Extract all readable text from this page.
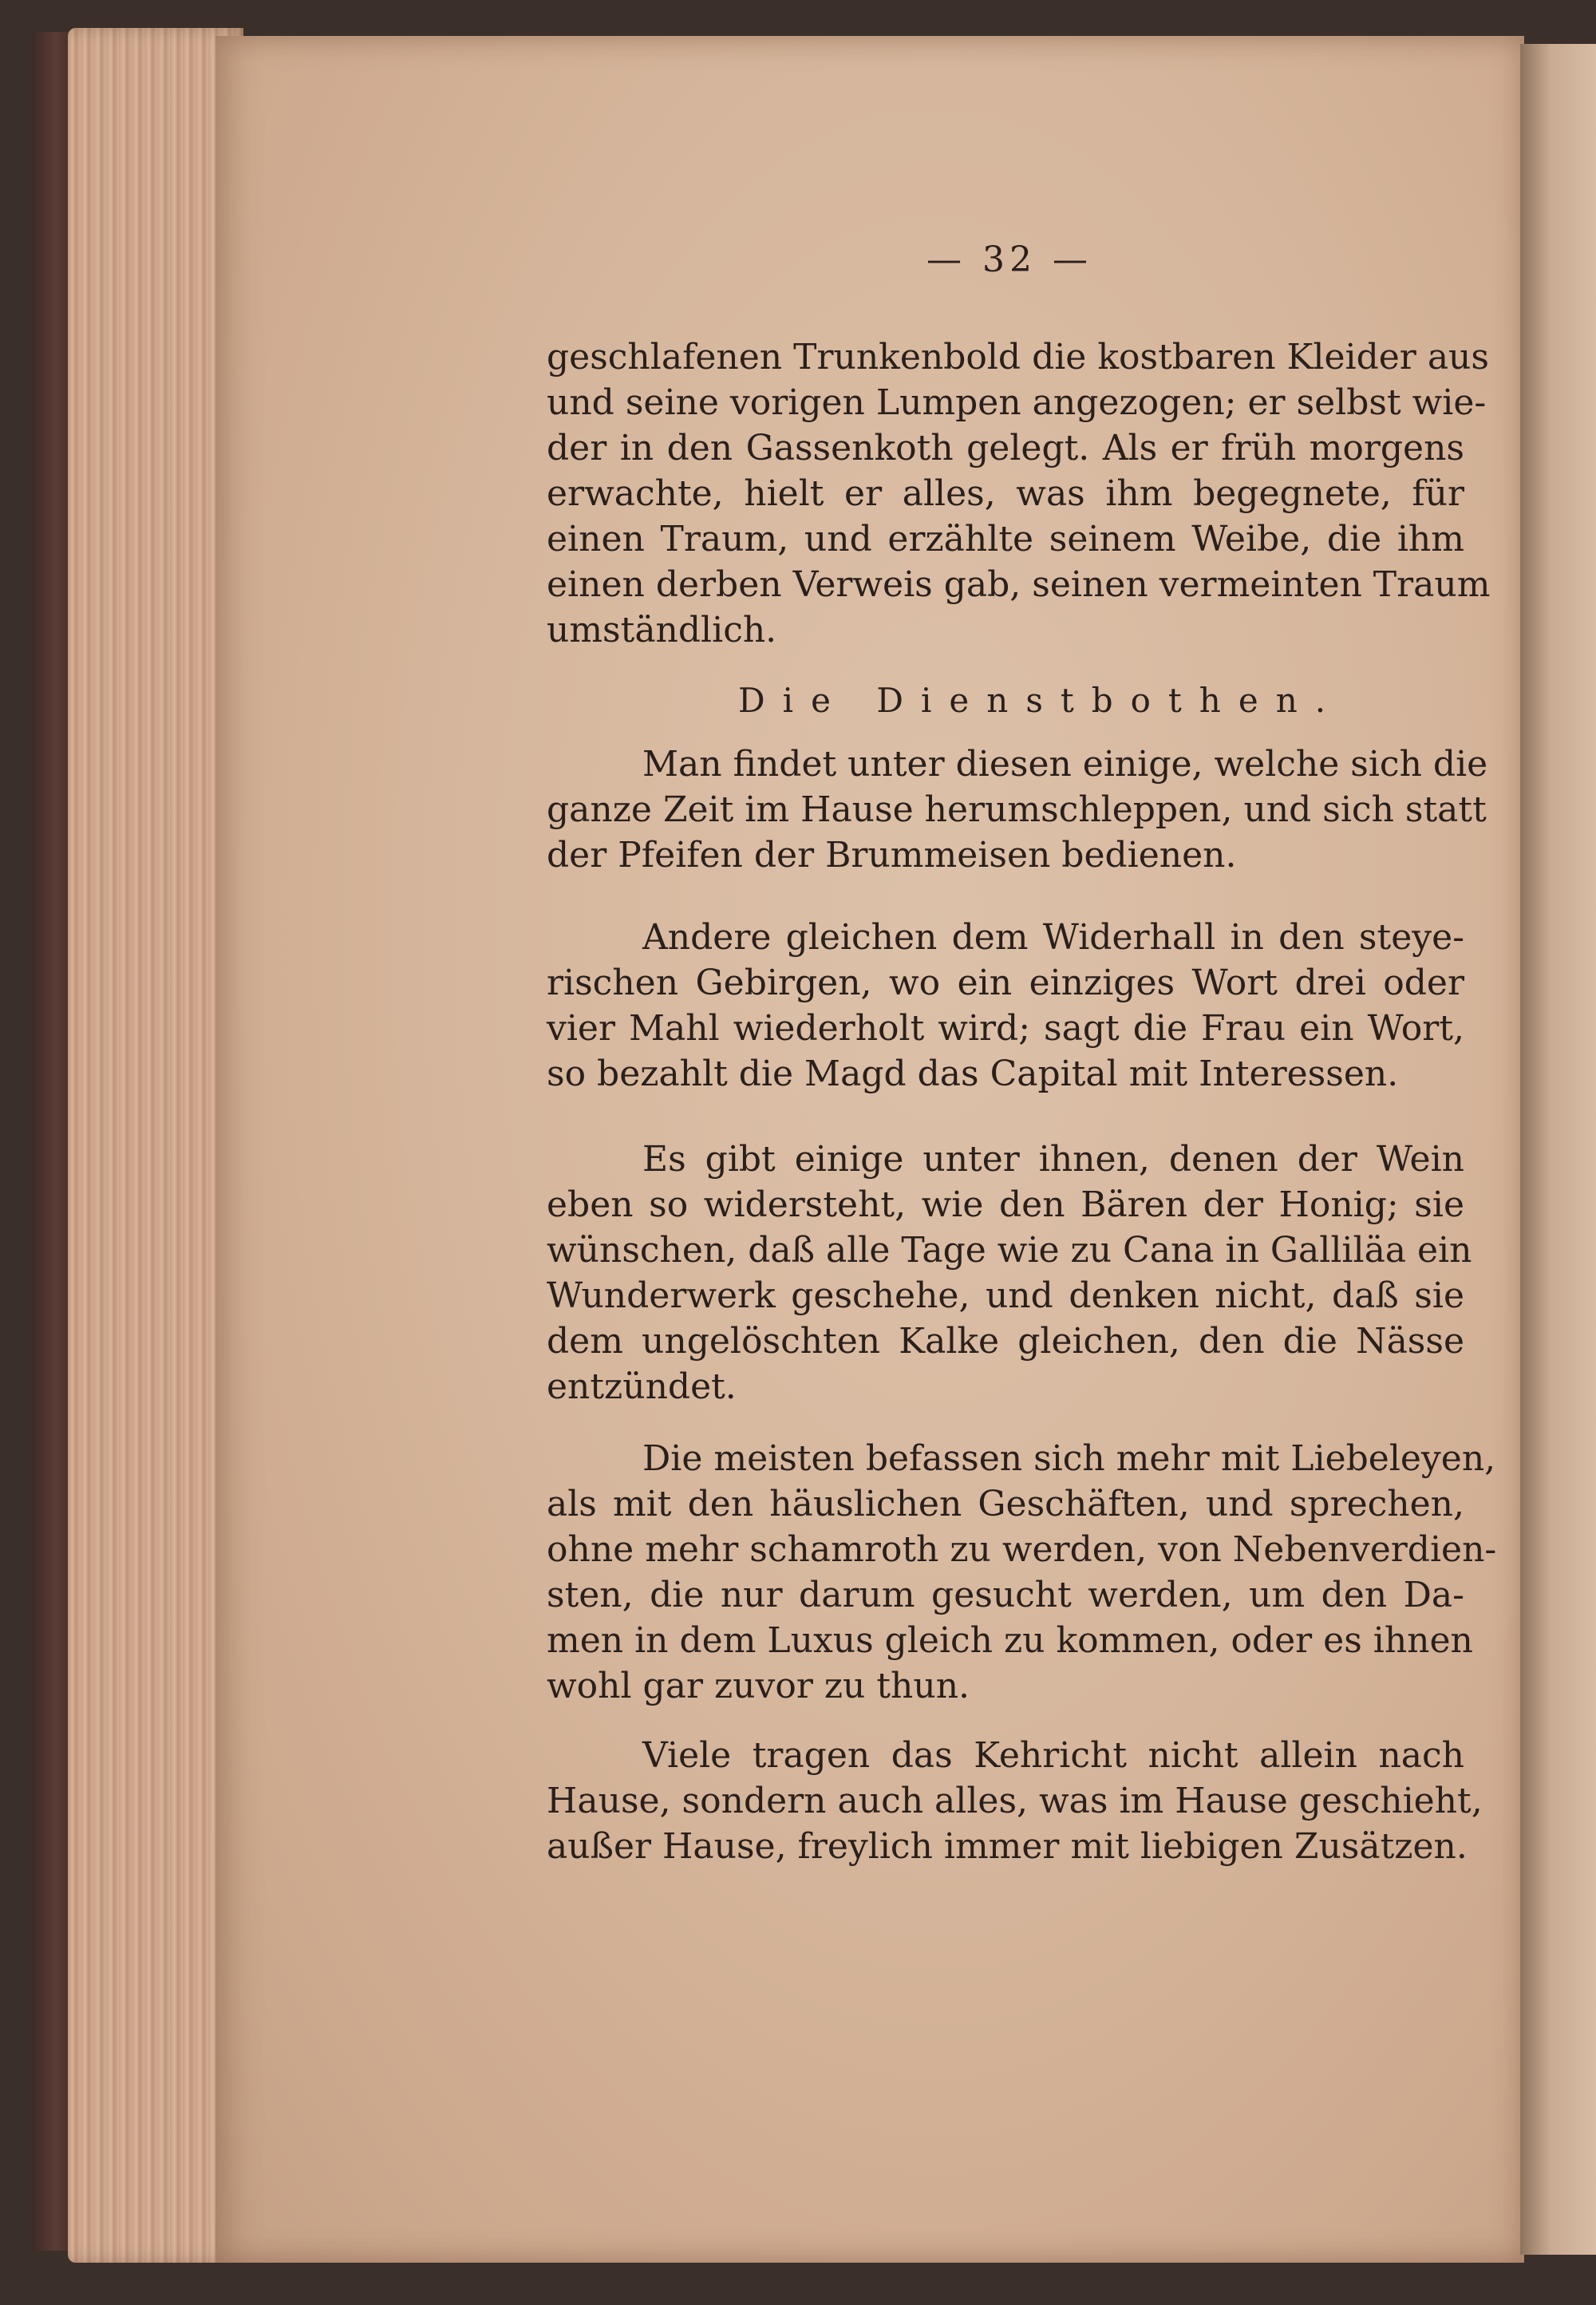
— 32 —
geschlafenen Trunkenbold die kostbaren Kleider aus
und seine vorigen Lumpen angezogen; er selbst wie-
der in den Gassenkoth gelegt. Als er früh morgens
erwachte, hielt er alles, was ihm begegnete, für
einen Traum, und erzählte seinem Weibe, die ihm
einen derben Verweis gab, seinen vermeinten Traum
umständlich.
Die Dienstbothen.
Man findet unter diesen einige, welche sich die
ganze Zeit im Hause herumschleppen, und sich statt
der Pfeifen der Brummeisen bedienen.
Andere gleichen dem Widerhall in den steye-
rischen Gebirgen, wo ein einziges Wort drei oder
vier Mahl wiederholt wird; sagt die Frau ein Wort,
so bezahlt die Magd das Capital mit Interessen.
Es gibt einige unter ihnen, denen der Wein
eben so widersteht, wie den Bären der Honig; sie
wünschen, daß alle Tage wie zu Cana in Galliläa ein
Wunderwerk geschehe, und denken nicht, daß sie
dem ungelöschten Kalke gleichen, den die Nässe
entzündet.
Die meisten befassen sich mehr mit Liebeleyen,
als mit den häuslichen Geschäften, und sprechen,
ohne mehr schamroth zu werden, von Nebenverdien-
sten, die nur darum gesucht werden, um den Da-
men in dem Luxus gleich zu kommen, oder es ihnen
wohl gar zuvor zu thun.
Viele tragen das Kehricht nicht allein nach
Hause, sondern auch alles, was im Hause geschieht,
außer Hause, freylich immer mit liebigen Zusätzen.
